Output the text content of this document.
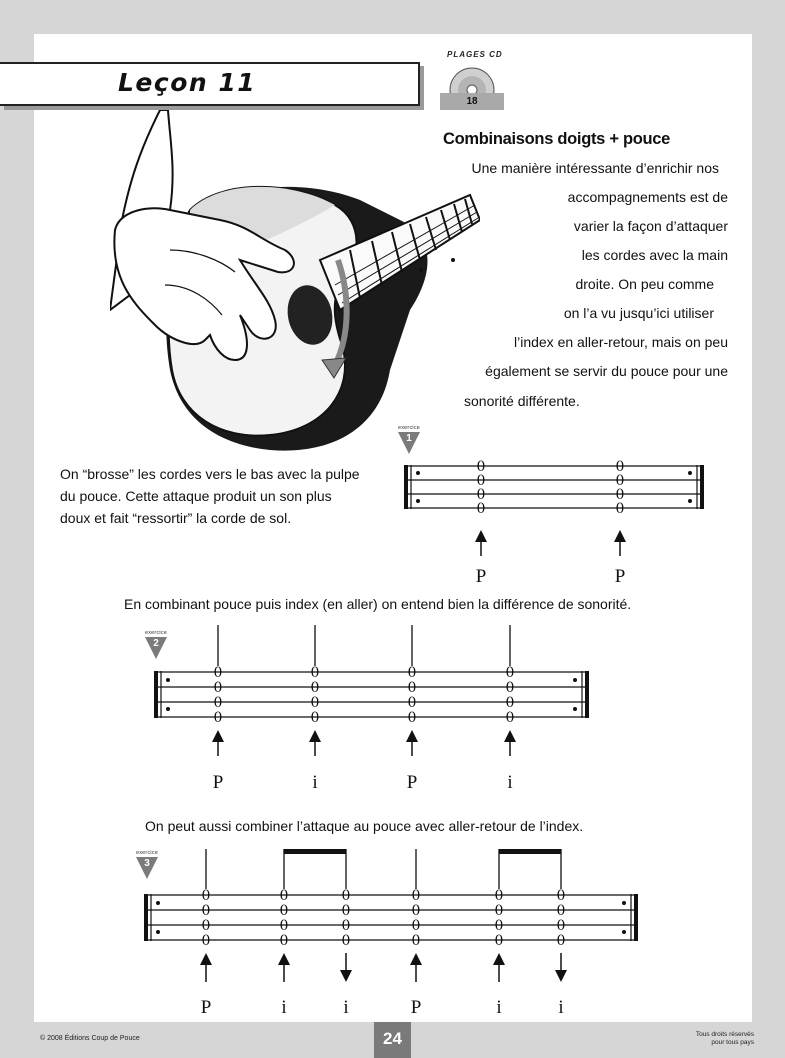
Leçon 11
PLAGES CD
18
Combinaisons doigts + pouce
Une manière intéressante d’enrichir nos
accompagnements est de
varier la façon d’attaquer
les cordes avec la main
droite. On peu comme
on l’a vu jusqu’ici utiliser
l’index en aller-retour, mais on peu
également se servir du pouce pour une
sonorité différente.
exercice
1
On “brosse” les cordes vers le bas avec la pulpe
du pouce. Cette attaque produit un son plus
doux et fait “ressortir” la corde de sol.
0
0
0
0
P
0
0
0
0
P
En combinant pouce puis index (en aller) on entend bien la différence de sonorité.
exercice
2
0
0
0
0
P
0
0
0
0
i
0
0
0
0
P
0
0
0
0
i
On peut aussi combiner l’attaque au pouce avec aller-retour de l’index.
exercice
3
0
0
0
0
P
0
0
0
0
i
0
0
0
0
i
0
0
0
0
P
0
0
0
0
i
0
0
0
0
i
© 2008 Éditions Coup de Pouce	24	Tous droits réservés
pour tous pays
